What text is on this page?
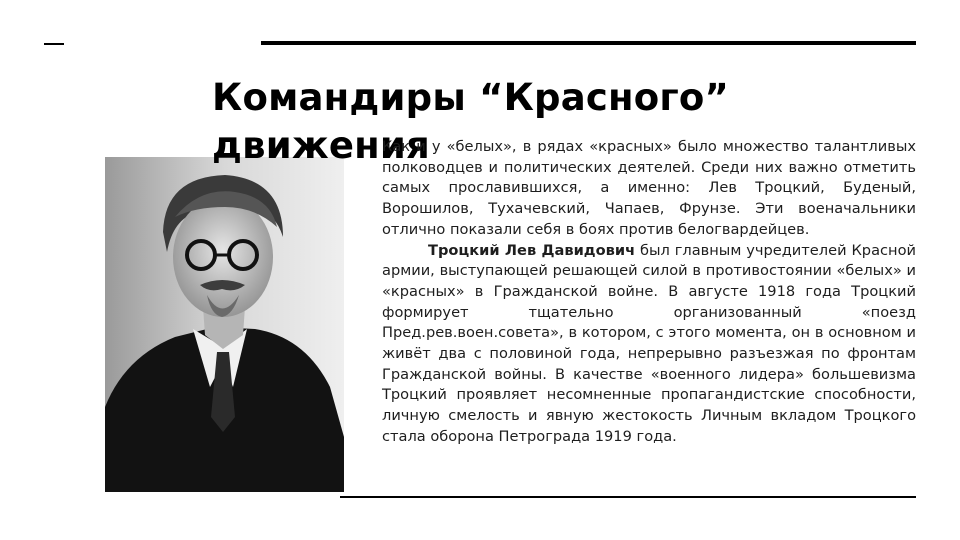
Командиры “Красного”
движения

Как и у «белых», в рядах «красных» было множество талантливых полководцев и политических деятелей. Среди них важно отметить самых прославившихся, а именно: Лев Троцкий, Буденый, Ворошилов, Тухачевский, Чапаев, Фрунзе. Эти военачальники отлично показали себя в боях против белогвардейцев.

Троцкий Лев Давидович был главным учредителей Красной армии, выступающей решающей силой в противостоянии «белых» и «красных» в Гражданской войне. В августе 1918 года Троцкий формирует тщательно организованный «поезд Пред.рев.воен.совета», в котором, с этого момента, он в основном и живёт два с половиной года, непрерывно разъезжая по фронтам Гражданской войны. В качестве «военного лидера» большевизма Троцкий проявляет несомненные пропагандистские способности, личную смелость и явную жестокость Личным вкладом Троцкого стала оборона Петрограда 1919 года.
